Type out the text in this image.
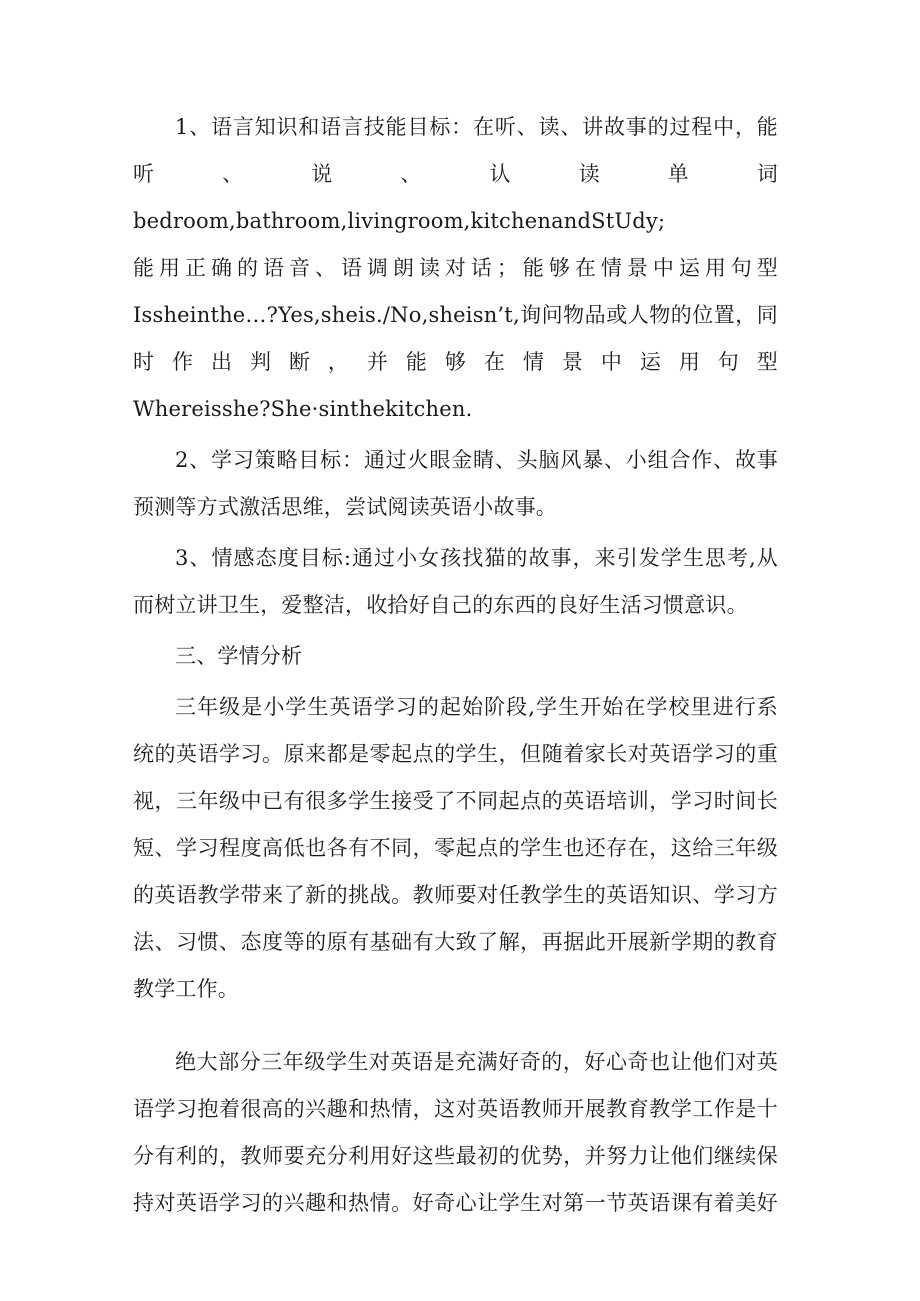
1、语言知识和语言技能目标：在听、读、讲故事的过程中，能
听、说、认读单词bedroom,bathroom,livingroom,kitchenandStUdy;
能用正确的语音、语调朗读对话；能够在情景中运用句型
Issheinthe…?Yes,sheis./No,sheisn’t,询问物品或人物的位置，同
时作出判断，并能够在情景中运用句型
Whereisshe?She·sinthekitchen.
2、学习策略目标：通过火眼金睛、头脑风暴、小组合作、故事
预测等方式激活思维，尝试阅读英语小故事。
3、情感态度目标:通过小女孩找猫的故事，来引发学生思考,从
而树立讲卫生，爱整洁，收拾好自己的东西的良好生活习惯意识。
三、学情分析
三年级是小学生英语学习的起始阶段,学生开始在学校里进行系
统的英语学习。原来都是零起点的学生，但随着家长对英语学习的重
视，三年级中已有很多学生接受了不同起点的英语培训，学习时间长
短、学习程度高低也各有不同，零起点的学生也还存在，这给三年级
的英语教学带来了新的挑战。教师要对任教学生的英语知识、学习方
法、习惯、态度等的原有基础有大致了解，再据此开展新学期的教育
教学工作。
绝大部分三年级学生对英语是充满好奇的，好心奇也让他们对英
语学习抱着很高的兴趣和热情，这对英语教师开展教育教学工作是十
分有利的，教师要充分利用好这些最初的优势，并努力让他们继续保
持对英语学习的兴趣和热情。好奇心让学生对第一节英语课有着美好
